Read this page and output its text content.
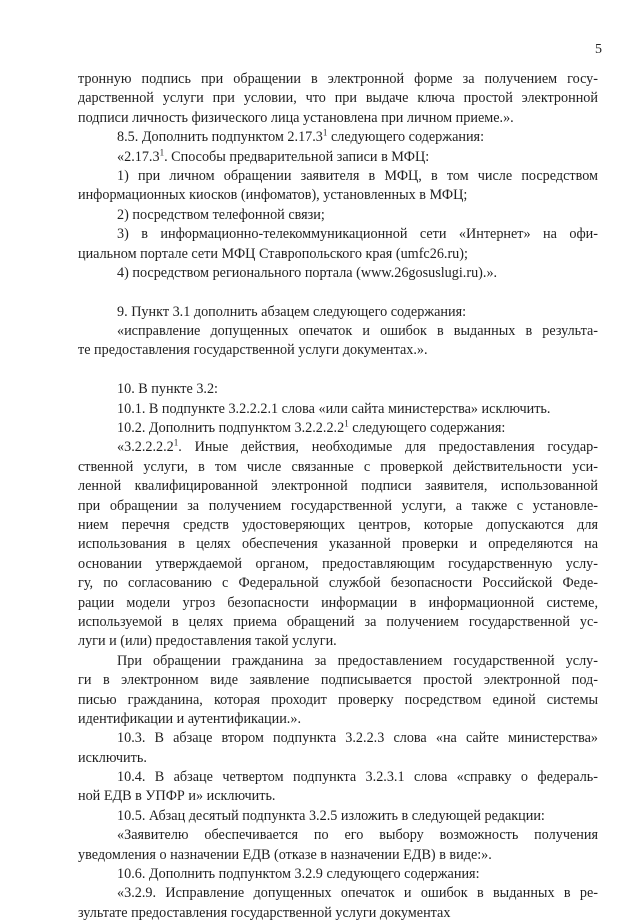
5
тронную подпись при обращении в электронной форме за получением госу-
дарственной услуги при условии, что при выдаче ключа простой электронной
подписи личность физического лица установлена при личном приеме.».
8.5. Дополнить подпунктом 2.17.3$^1$ следующего содержания:
«2.17.3$^1$. Способы предварительной записи в МФЦ:
1) при личном обращении заявителя в МФЦ, в том числе посредством
информационных киосков (инфоматов), установленных в МФЦ;
2) посредством телефонной связи;
3) в информационно-телекоммуникационной сети «Интернет» на офи-
циальном портале сети МФЦ Ставропольского края (umfc26.ru);
4) посредством регионального портала (www.26gosuslugi.ru).».
9. Пункт 3.1 дополнить абзацем следующего содержания:
«исправление допущенных опечаток и ошибок в выданных в результа-
те предоставления государственной услуги документах.».
10. В пункте 3.2:
10.1. В подпункте 3.2.2.2.1 слова «или сайта министерства» исключить.
10.2. Дополнить подпунктом 3.2.2.2.2$^1$ следующего содержания:
«3.2.2.2.2$^1$. Иные действия, необходимые для предоставления государ-
ственной услуги, в том числе связанные с проверкой действительности уси-
ленной квалифицированной электронной подписи заявителя, использованной
при обращении за получением государственной услуги, а также с установле-
нием перечня средств удостоверяющих центров, которые допускаются для
использования в целях обеспечения указанной проверки и определяются на
основании утверждаемой органом, предоставляющим государственную услу-
гу, по согласованию с Федеральной службой безопасности Российской Феде-
рации модели угроз безопасности информации в информационной системе,
используемой в целях приема обращений за получением государственной ус-
луги и (или) предоставления такой услуги.
При обращении гражданина за предоставлением государственной услу-
ги в электронном виде заявление подписывается простой электронной под-
писью гражданина, которая проходит проверку посредством единой системы
идентификации и аутентификации.».
10.3. В абзаце втором подпункта 3.2.2.3 слова «на сайте министерства»
исключить.
10.4. В абзаце четвертом подпункта 3.2.3.1 слова «справку о федераль-
ной ЕДВ в УПФР и» исключить.
10.5. Абзац десятый подпункта 3.2.5 изложить в следующей редакции:
«Заявителю обеспечивается по его выбору возможность получения
уведомления о назначении ЕДВ (отказе в назначении ЕДВ) в виде:».
10.6. Дополнить подпунктом 3.2.9 следующего содержания:
«3.2.9. Исправление допущенных опечаток и ошибок в выданных в ре-
зультате предоставления государственной услуги документах
